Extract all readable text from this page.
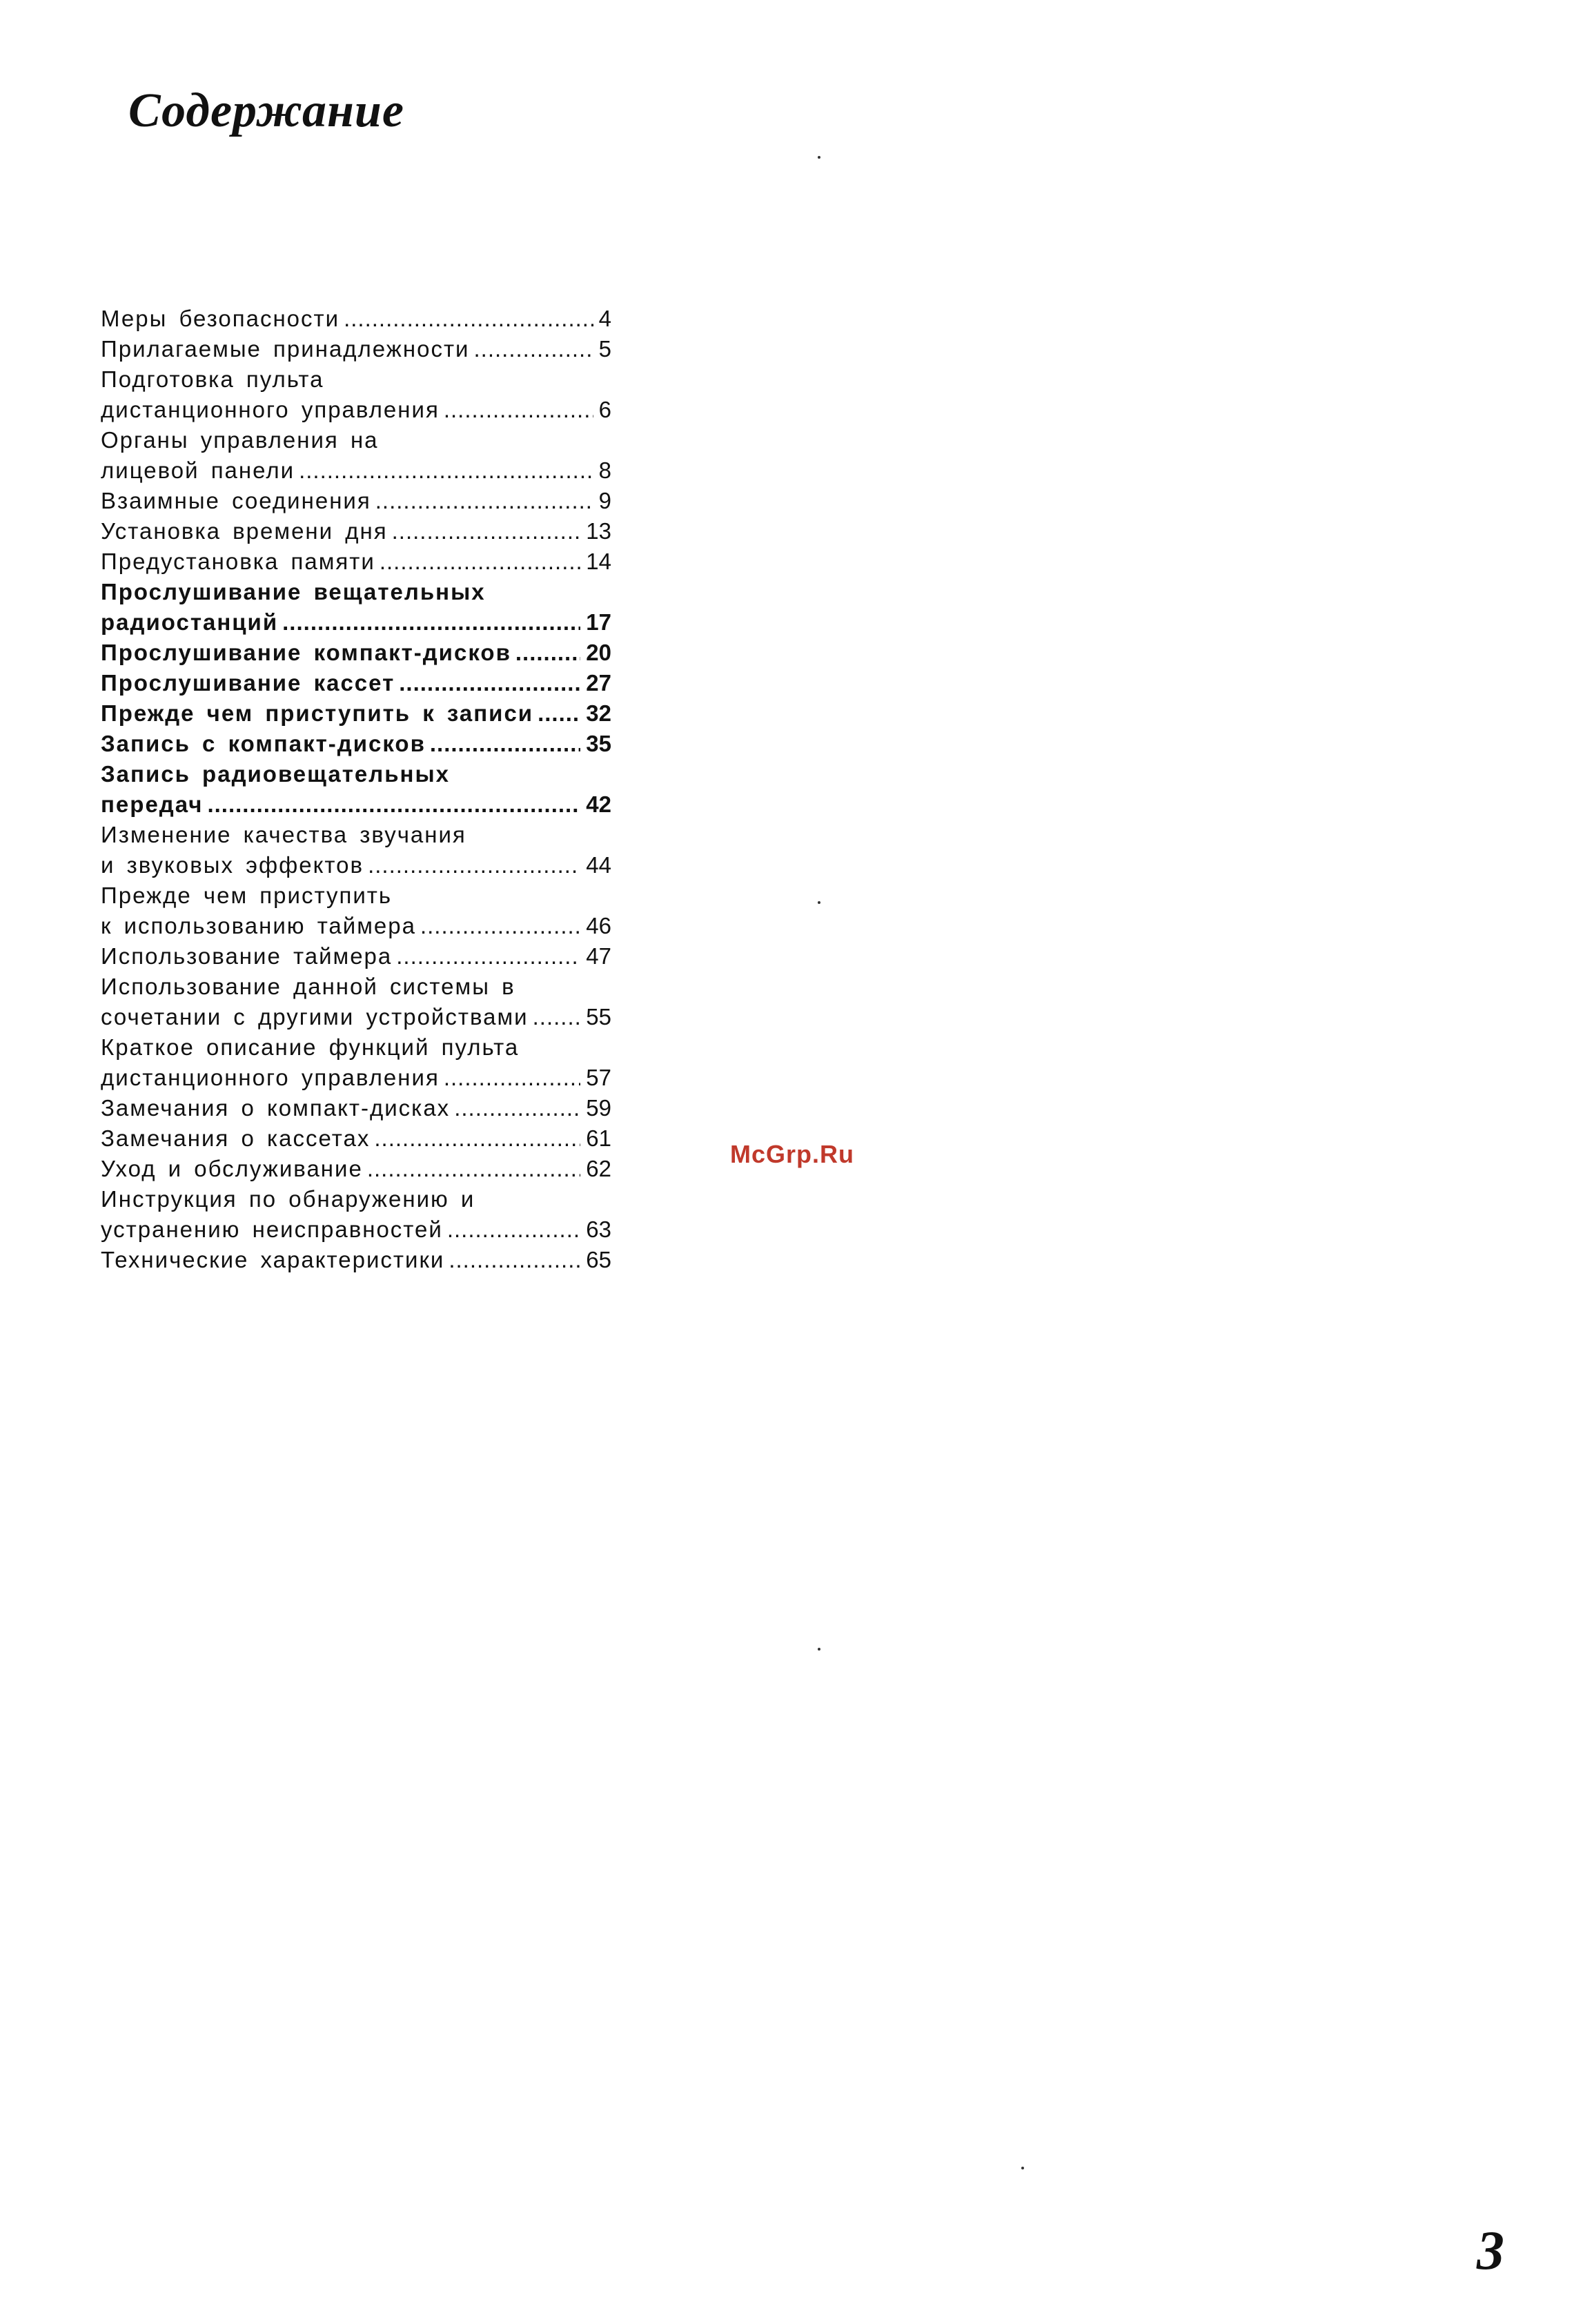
Содержание
Меры безопасности .....	4
Прилагаемые принадлежности .....	5
Подготовка пульта
дистанционного управления .....	6
Органы управления на
лицевой панели .....	8
Взаимные соединения .....	9
Установка времени дня .....	13
Предустановка памяти .....	14
Прослушивание вещательных
радиостанций .....	17
Прослушивание компакт-дисков .....	20
Прослушивание кассет .....	27
Прежде чем приступить к записи ..... 32
Запись с компакт-дисков .....	35
Запись радиовещательных
передач .....	42
Изменение качества звучания
и звуковых эффектов .....	44
Прежде чем приступить
к использованию таймера .....	46
Использование таймера .....	47
Использование данной системы в
сочетании с другими устройствами .....	55
Краткое описание функций пульта
дистанционного управления .....	57
Замечания о компакт-дисках .....	59
Замечания о кассетах .....	61
Уход и обслуживание .....	62
Инструкция по обнаружению и
устранению неисправностей .....	63
Технические характеристики .....	65
McGrp.Ru
3
